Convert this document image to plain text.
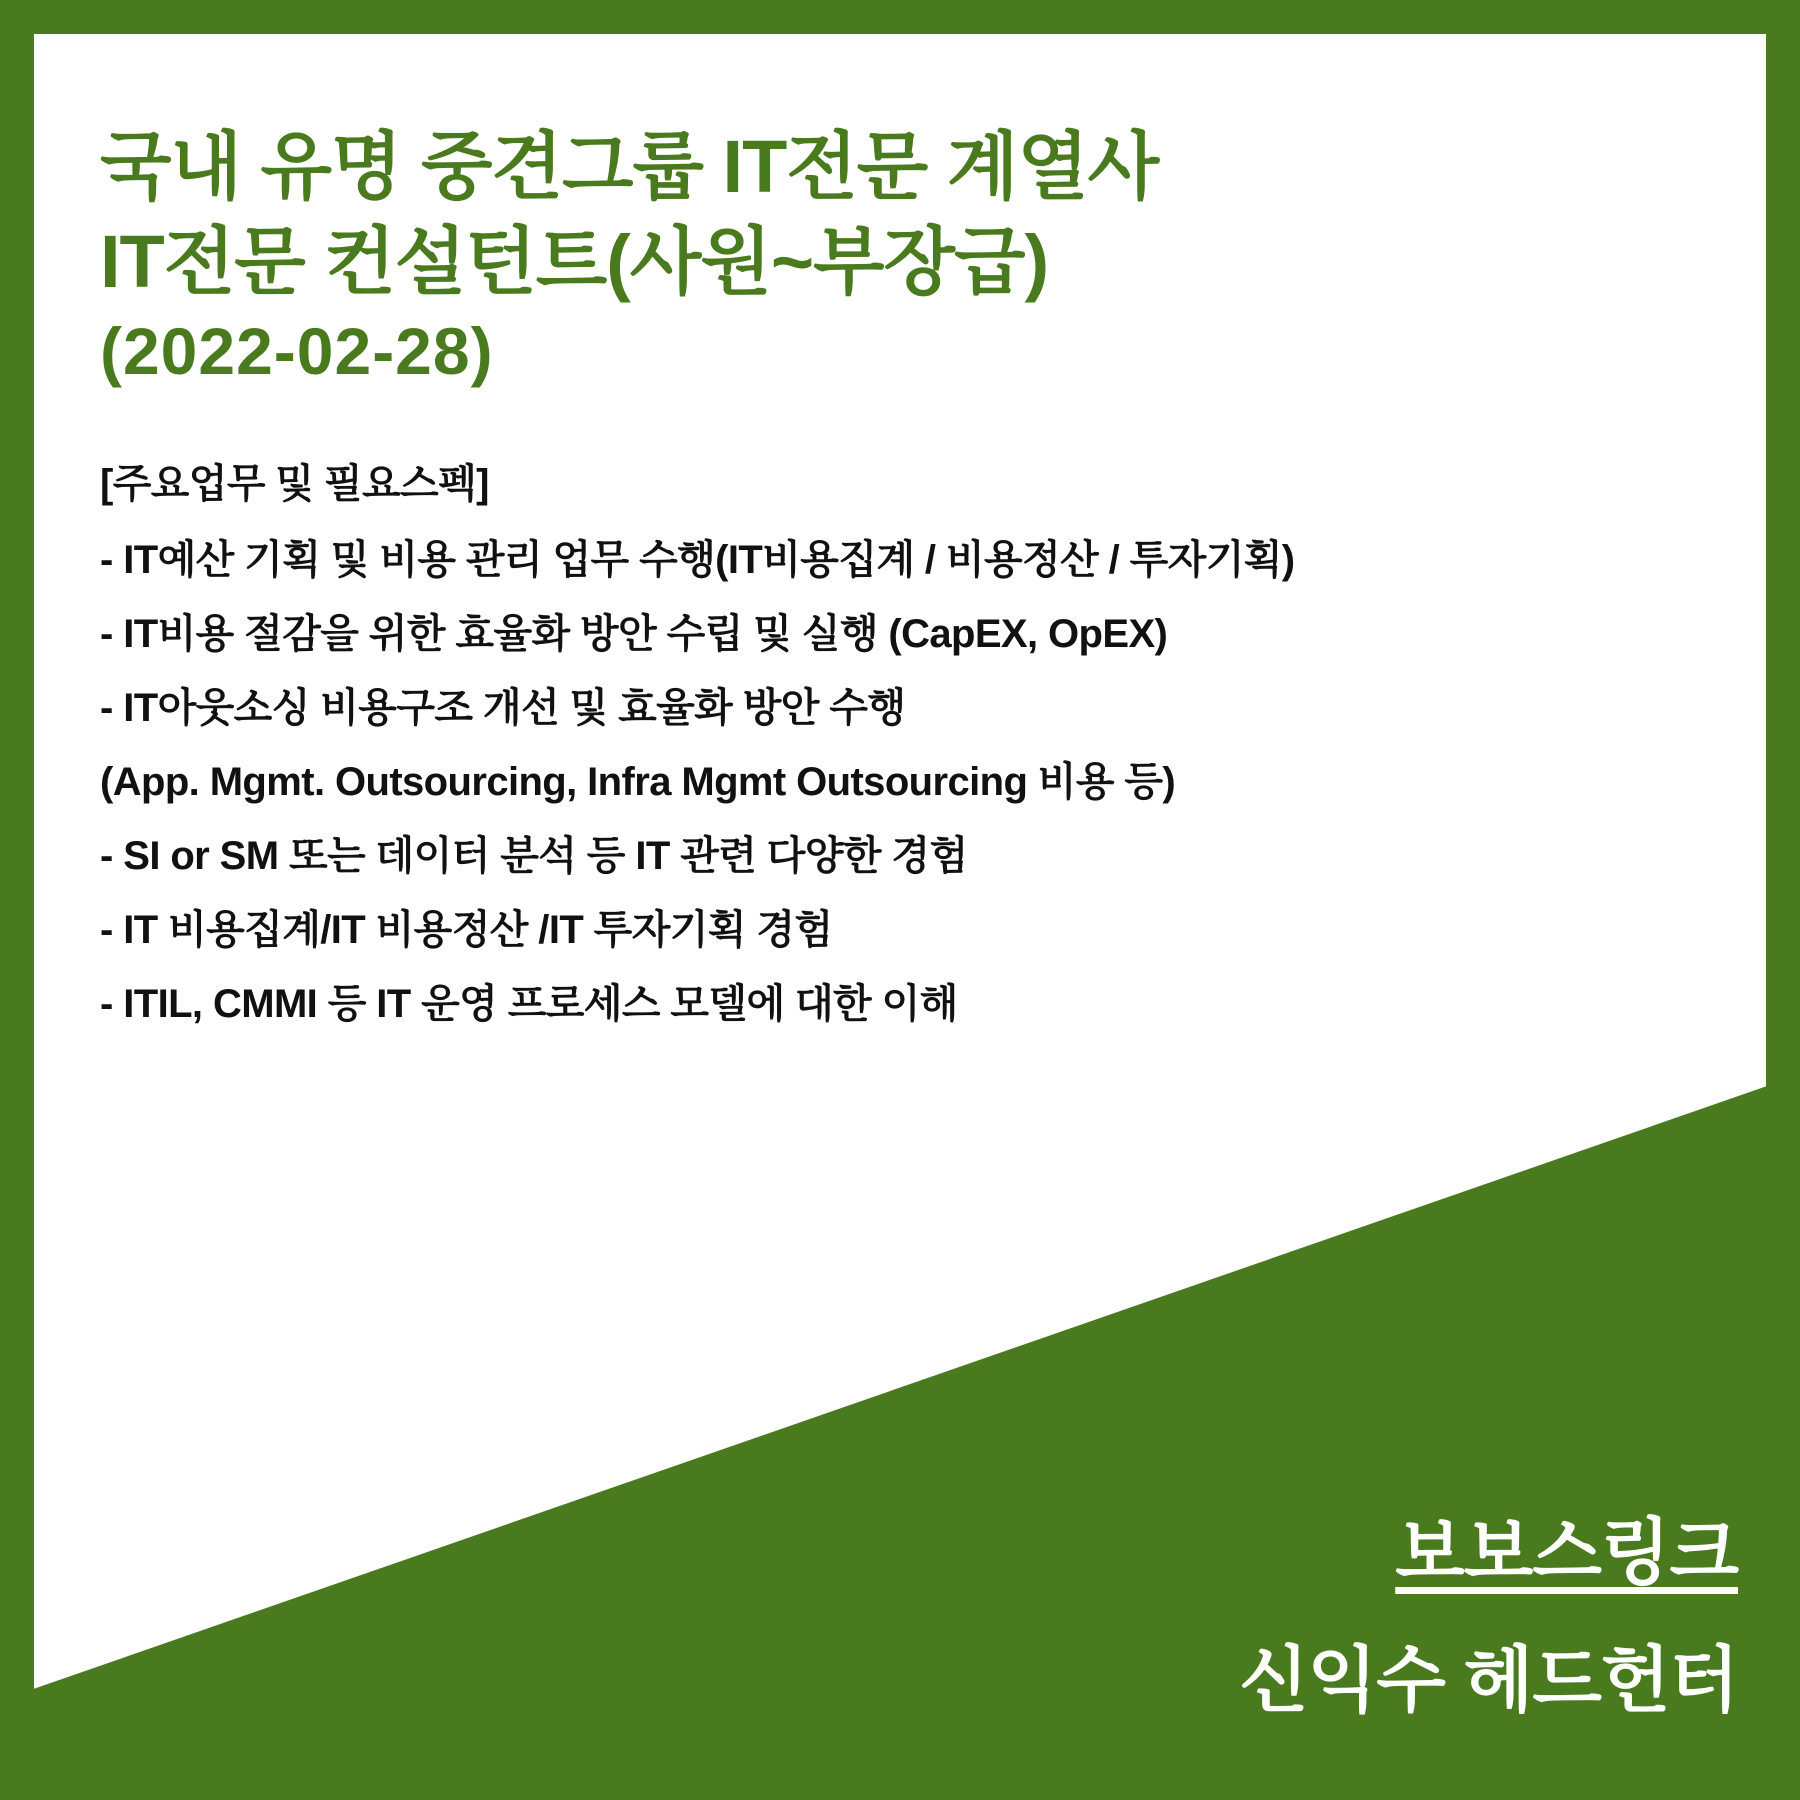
국내 유명 중견그룹 IT전문 계열사
IT전문 컨설턴트(사원~부장급)
(2022-02-28)
[주요업무 및 필요스펙]
- IT예산 기획 및 비용 관리 업무 수행(IT비용집계 / 비용정산 / 투자기획)
- IT비용 절감을 위한 효율화 방안 수립 및 실행 (CapEX, OpEX)
- IT아웃소싱 비용구조 개선 및 효율화 방안 수행
(App. Mgmt. Outsourcing, Infra Mgmt Outsourcing 비용 등)
- SI or SM 또는 데이터 분석 등 IT 관련 다양한 경험
- IT 비용집계/IT 비용정산 /IT 투자기획 경험
- ITIL, CMMI 등 IT 운영 프로세스 모델에 대한 이해
보보스링크
신익수 헤드헌터
